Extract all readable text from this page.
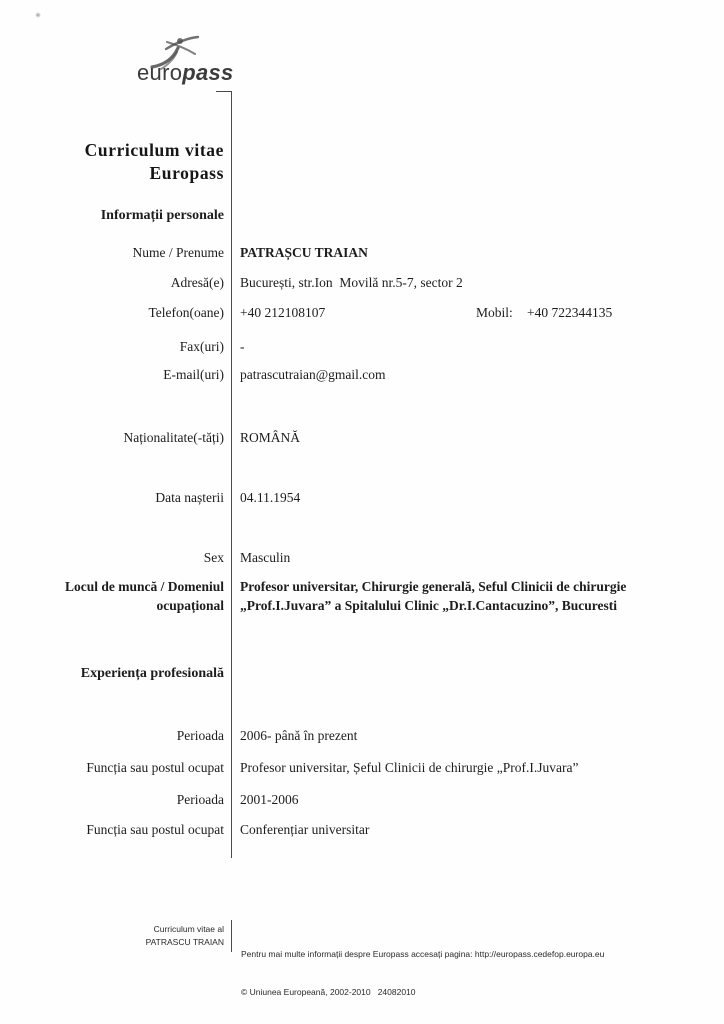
europass
Curriculum vitae
Europass
Informații personale
Nume / Prenume PATRAȘCU TRAIAN
Adresă(e) București, str.Ion  Movilă nr.5-7, sector 2
Telefon(oane) +40 212108107	Mobil: +40 722344135
Fax(uri) -
E-mail(uri) patrascutraian@gmail.com
Naționalitate(-tăți) ROMÂNĂ
Data nașterii 04.11.1954
Sex Masculin
Locul de muncă / Domeniul ocupațional
Profesor universitar, Chirurgie generală, Seful Clinicii de chirurgie „Prof.I.Juvara” a Spitalului Clinic „Dr.I.Cantacuzino”, Bucuresti
Experiența profesională
Perioada 2006- până în prezent
Funcția sau postul ocupat Profesor universitar, Șeful Clinicii de chirurgie „Prof.I.Juvara”
Perioada 2001-2006
Funcția sau postul ocupat Conferențiar universitar
Curriculum vitae al
PATRASCU TRAIAN

Pentru mai multe informații despre Europass accesați pagina: http://europass.cedefop.europa.eu

© Uniunea Europeană, 2002-2010   24082010
